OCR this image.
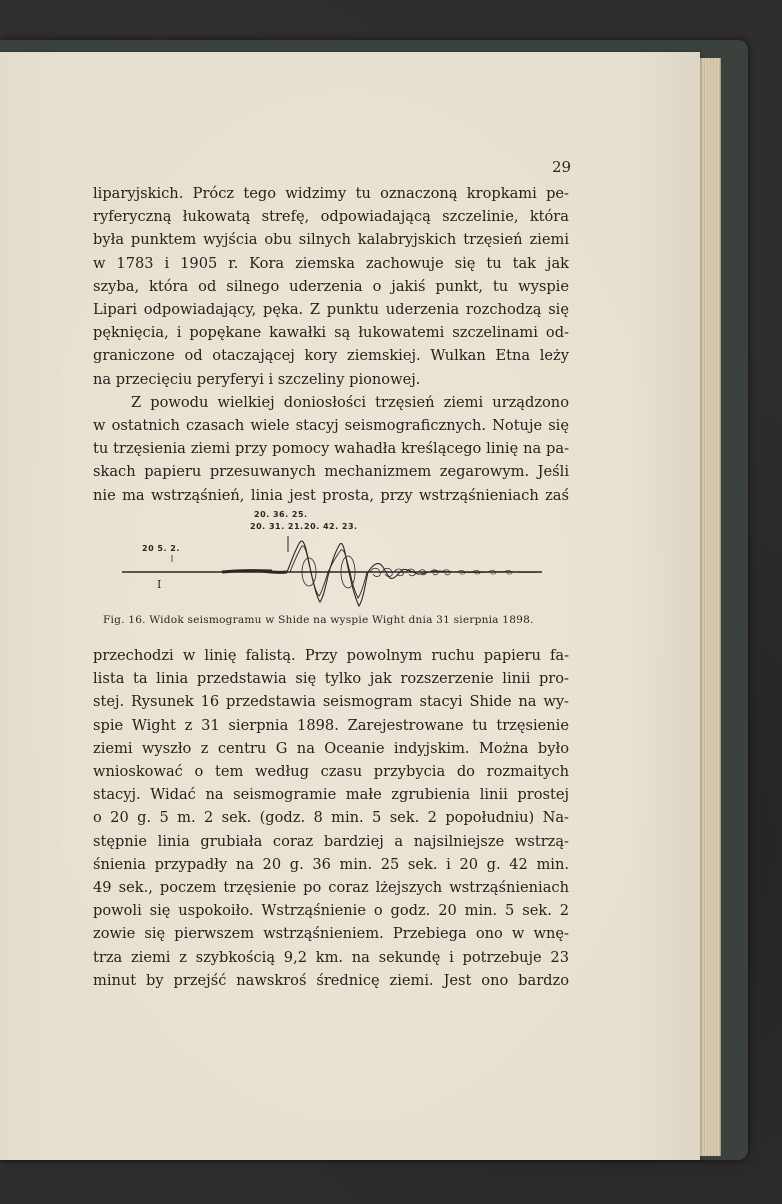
29
liparyjskich. Prócz tego widzimy tu oznaczoną kropkami pe-
ryferyczną łukowatą strefę, odpowiadającą szczelinie, która
była punktem wyjścia obu silnych kalabryjskich trzęsień ziemi
w 1783 i 1905 r. Kora ziemska zachowuje się tu tak jak
szyba, która od silnego uderzenia o jakiś punkt, tu wyspie
Lipari odpowiadający, pęka. Z punktu uderzenia rozchodzą się
pęknięcia, i popękane kawałki są łukowatemi szczelinami od-
graniczone od otaczającej kory ziemskiej. Wulkan Etna leży
na przecięciu peryferyi i szczeliny pionowej.
Z powodu wielkiej doniosłości trzęsień ziemi urządzono
w ostatnich czasach wiele stacyj seismograficznych. Notuje się
tu trzęsienia ziemi przy pomocy wahadła kreślącego linię na pa-
skach papieru przesuwanych mechanizmem zegarowym. Jeśli
nie ma wstrząśnień, linia jest prosta, przy wstrząśnieniach zaś
20. 36. 25.
20. 31. 21. 20. 42. 23.
20 5. 2.
I
Fig. 16. Widok seismogramu w Shide na wyspie Wight dnia 31 sierpnia 1898.
przechodzi w linię falistą. Przy powolnym ruchu papieru fa-
lista ta linia przedstawia się tylko jak rozszerzenie linii pro-
stej. Rysunek 16 przedstawia seismogram stacyi Shide na wy-
spie Wight z 31 sierpnia 1898. Zarejestrowane tu trzęsienie
ziemi wyszło z centru G na Oceanie indyjskim. Można było
wnioskować o tem według czasu przybycia do rozmaitych
stacyj. Widać na seismogramie małe zgrubienia linii prostej
o 20 g. 5 m. 2 sek. (godz. 8 min. 5 sek. 2 popołudniu) Na-
stępnie linia grubiała coraz bardziej a najsilniejsze wstrzą-
śnienia przypadły na 20 g. 36 min. 25 sek. i 20 g. 42 min.
49 sek., poczem trzęsienie po coraz lżejszych wstrząśnieniach
powoli się uspokoiło. Wstrząśnienie o godz. 20 min. 5 sek. 2
zowie się pierwszem wstrząśnieniem. Przebiega ono w wnę-
trza ziemi z szybkością 9,2 km. na sekundę i potrzebuje 23
minut by przejść nawskroś średnicę ziemi. Jest ono bardzo
